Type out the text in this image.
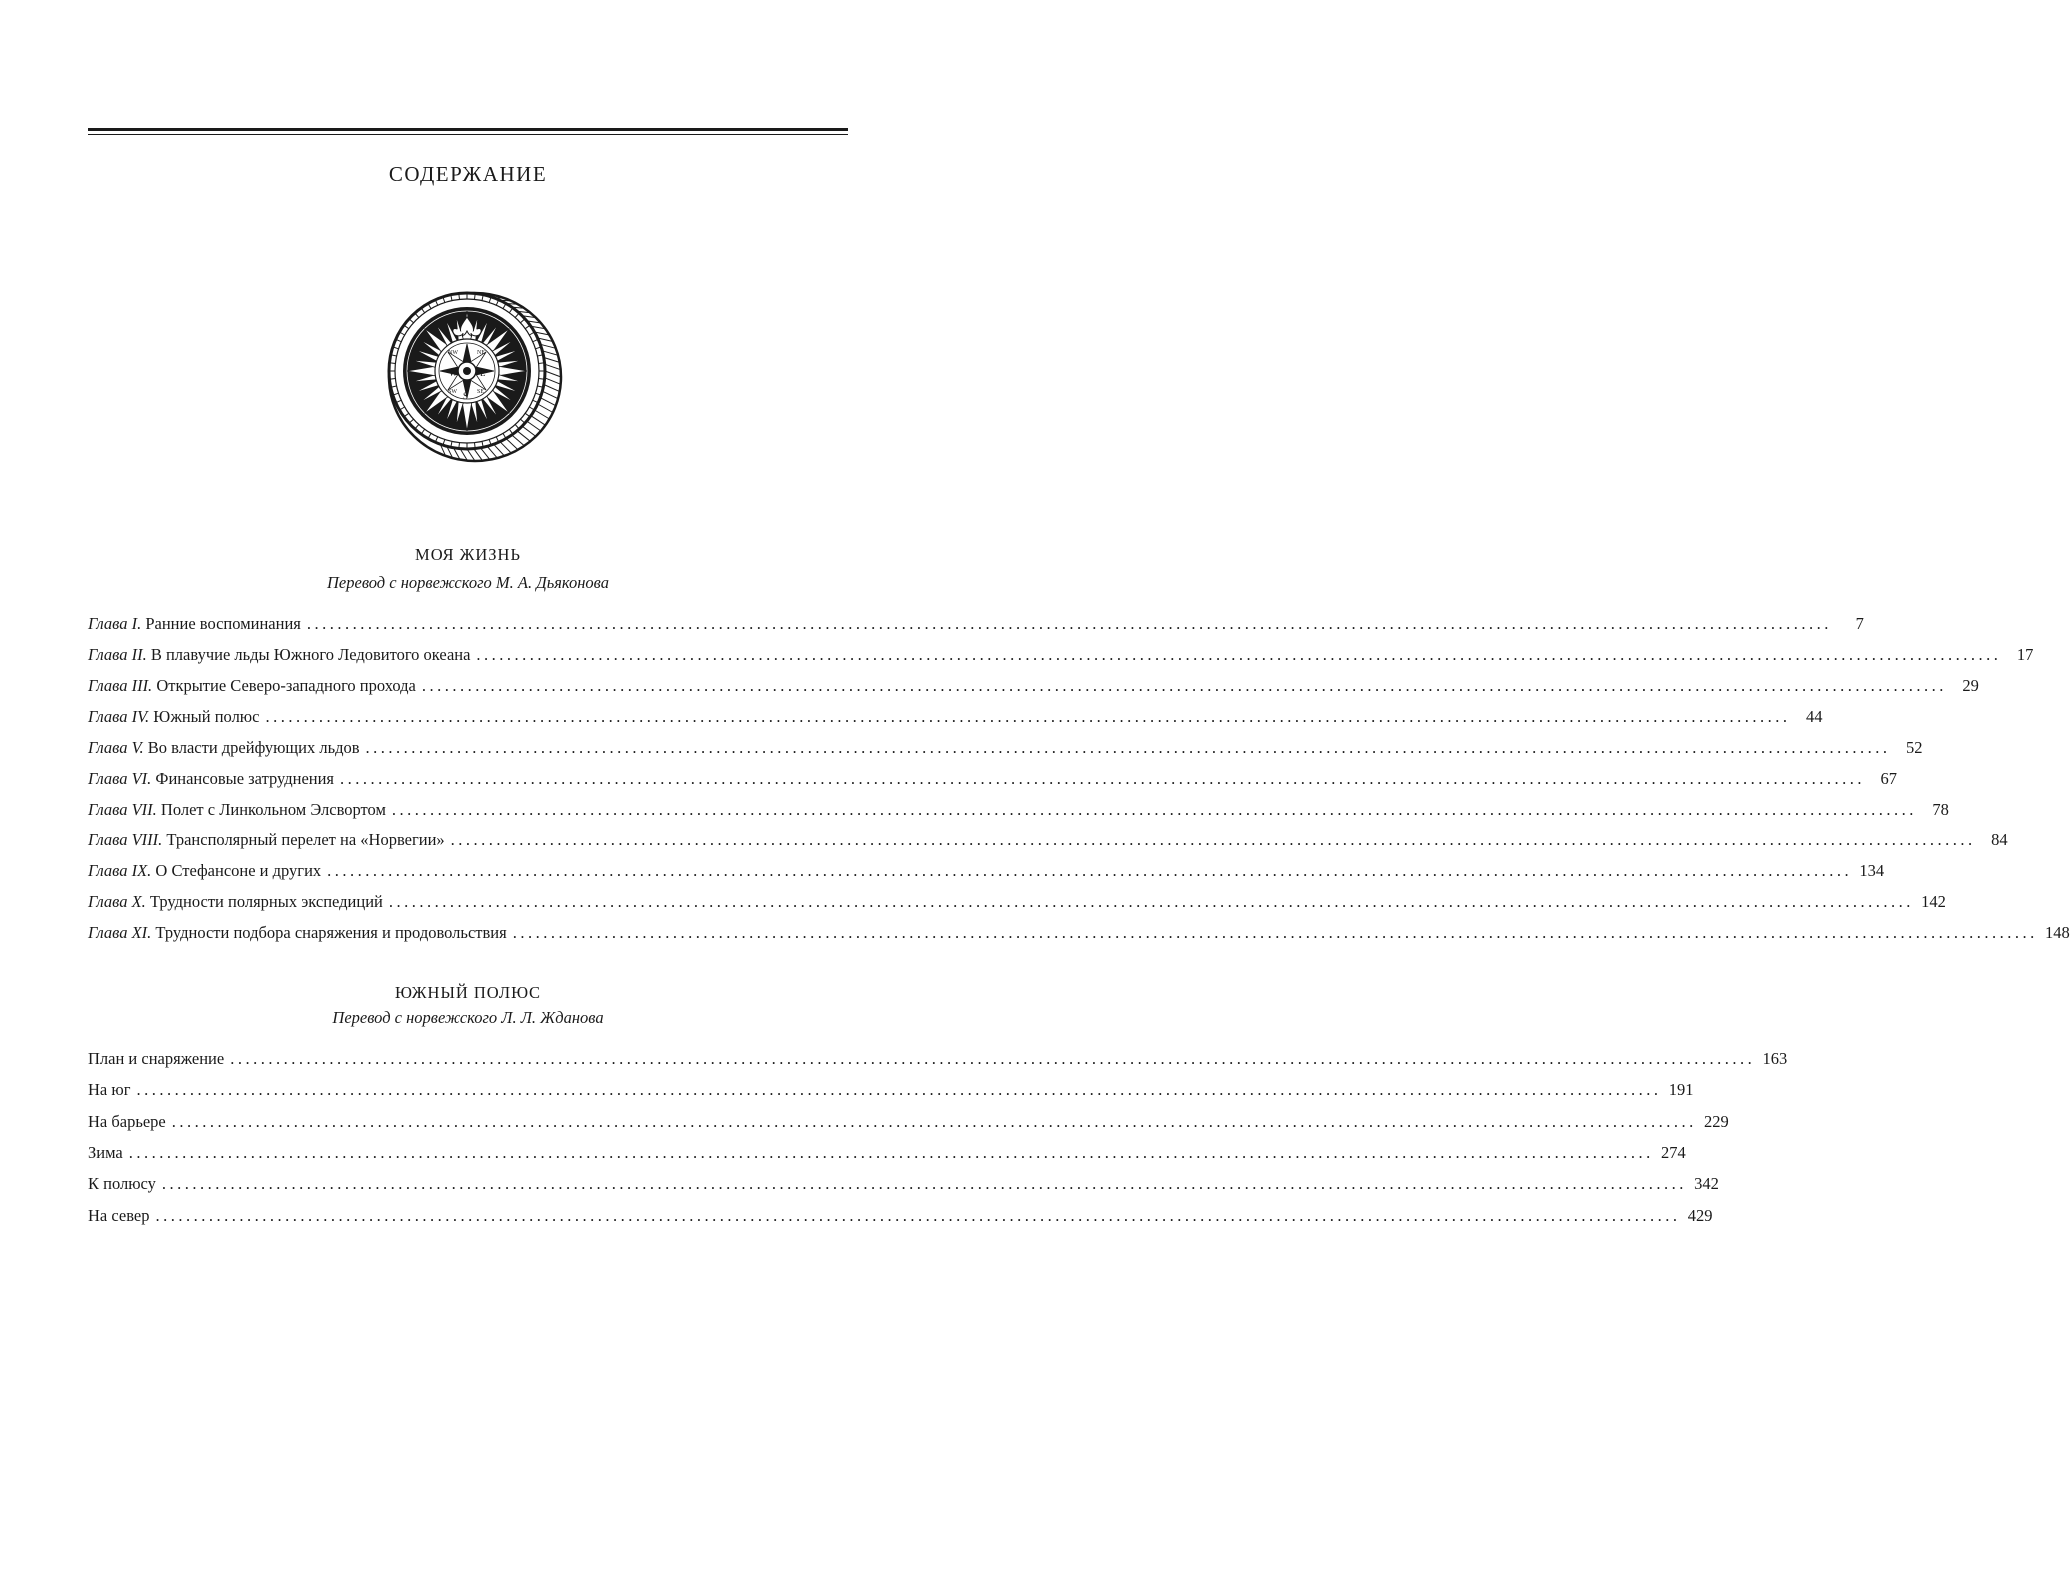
СОДЕРЖАНИЕ
W	E
S
NW	NE
SW	SE
МОЯ ЖИЗНЬ
Перевод с норвежского М. А. Дьяконова
Глава I. Ранние воспоминания ........................................................................................................................................................................................................	7
Глава II. В плавучие льды Южного Ледовитого океана ........................................................................................................................................................................................................ 17
Глава III. Открытие Северо-западного прохода ........................................................................................................................................................................................................ 29
Глава IV. Южный полюс ........................................................................................................................................................................................................ 44
Глава V. Во власти дрейфующих льдов ........................................................................................................................................................................................................ 52
Глава VI. Финансовые затруднения ........................................................................................................................................................................................................ 67
Глава VII. Полет с Линкольном Элсвортом ........................................................................................................................................................................................................ 78
Глава VIII. Трансполярный перелет на «Норвегии» ........................................................................................................................................................................................................ 84
Глава IX. О Стефансоне и других ........................................................................................................................................................................................................ 134
Глава X. Трудности полярных экспедиций ........................................................................................................................................................................................................ 142
Глава XI. Трудности подбора снаряжения и продовольствия ........................................................................................................................................................................................................ 148
ЮЖНЫЙ ПОЛЮС
Перевод с норвежского Л. Л. Жданова
План и снаряжение ........................................................................................................................................................................................................ 163
На юг ........................................................................................................................................................................................................ 191
На барьере ........................................................................................................................................................................................................ 229
Зима ........................................................................................................................................................................................................ 274
К полюсу ........................................................................................................................................................................................................ 342
На север ........................................................................................................................................................................................................ 429
